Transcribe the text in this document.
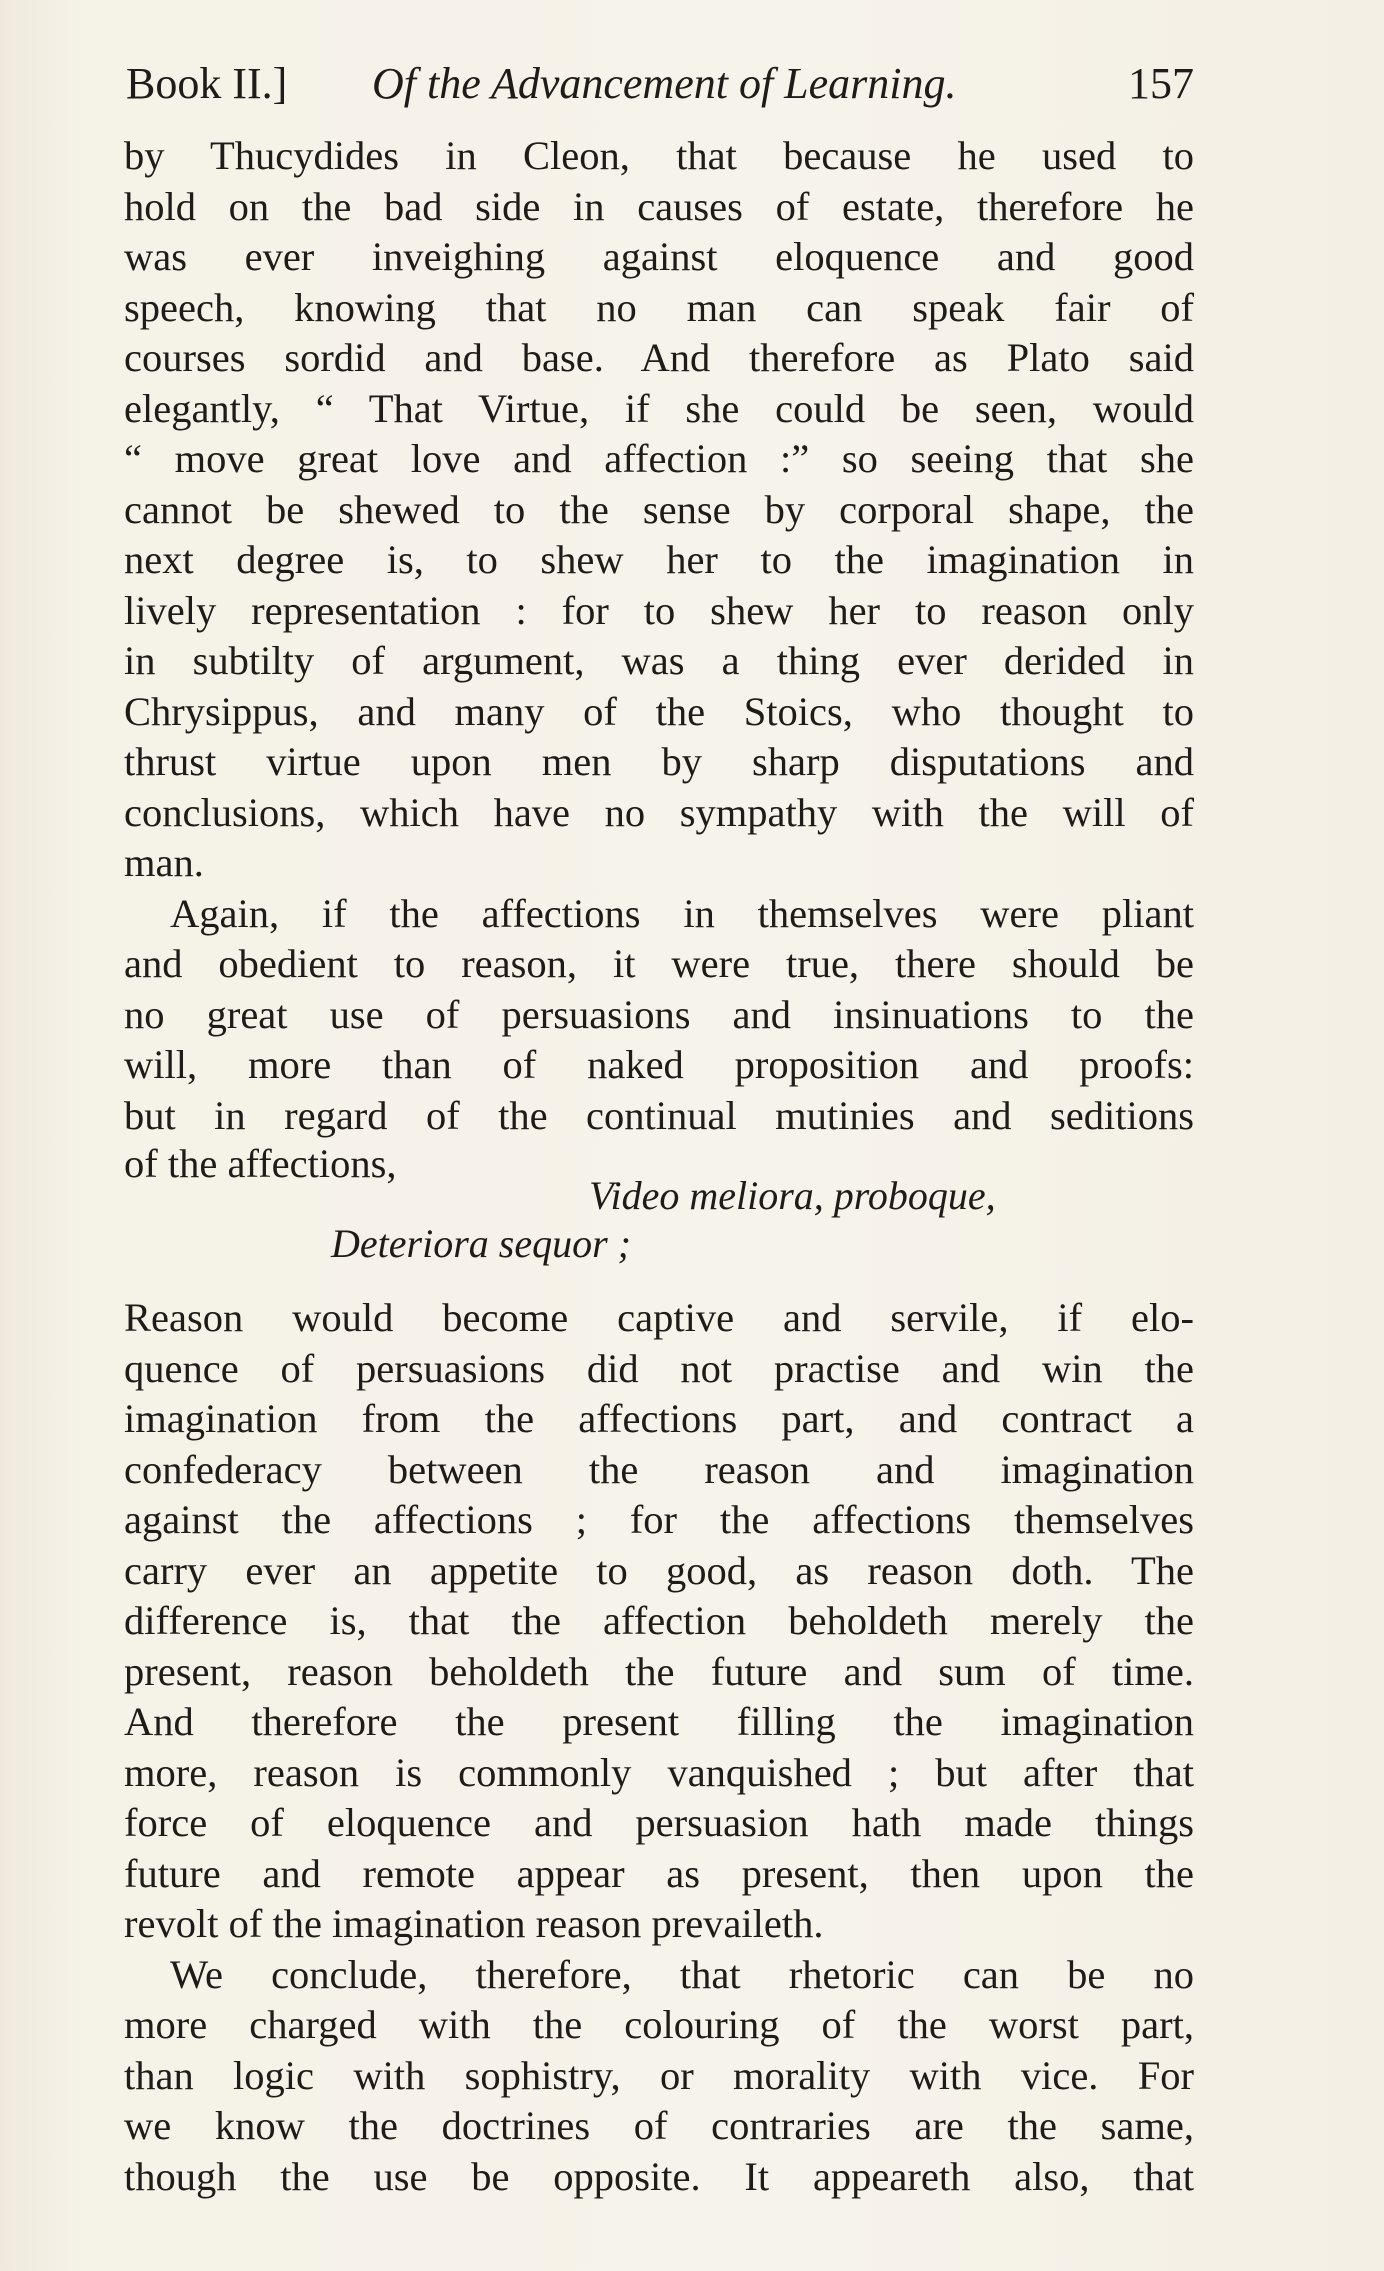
Book II.] Of the Advancement of Learning.	157
by Thucydides in Cleon, that because he used to
hold on the bad side in causes of estate, therefore he
was ever inveighing against eloquence and good
speech, knowing that no man can speak fair of
courses sordid and base. And therefore as Plato said
elegantly, “ That Virtue, if she could be seen, would
“ move great love and affection :” so seeing that she
cannot be shewed to the sense by corporal shape, the
next degree is, to shew her to the imagination in
lively representation : for to shew her to reason only
in subtilty of argument, was a thing ever derided in
Chrysippus, and many of the Stoics, who thought to
thrust virtue upon men by sharp disputations and
conclusions, which have no sympathy with the will of
man.
Again, if the affections in themselves were pliant
and obedient to reason, it were true, there should be
no great use of persuasions and insinuations to the
will, more than of naked proposition and proofs:
but in regard of the continual mutinies and seditions
of the affections,
Video meliora, proboque,
Deteriora sequor ;
Reason would become captive and servile, if elo-
quence of persuasions did not practise and win the
imagination from the affections part, and contract a
confederacy between the reason and imagination
against the affections ; for the affections themselves
carry ever an appetite to good, as reason doth. The
difference is, that the affection beholdeth merely the
present, reason beholdeth the future and sum of time.
And therefore the present filling the imagination
more, reason is commonly vanquished ; but after that
force of eloquence and persuasion hath made things
future and remote appear as present, then upon the
revolt of the imagination reason prevaileth.
We conclude, therefore, that rhetoric can be no
more charged with the colouring of the worst part,
than logic with sophistry, or morality with vice. For
we know the doctrines of contraries are the same,
though the use be opposite. It appeareth also, that
